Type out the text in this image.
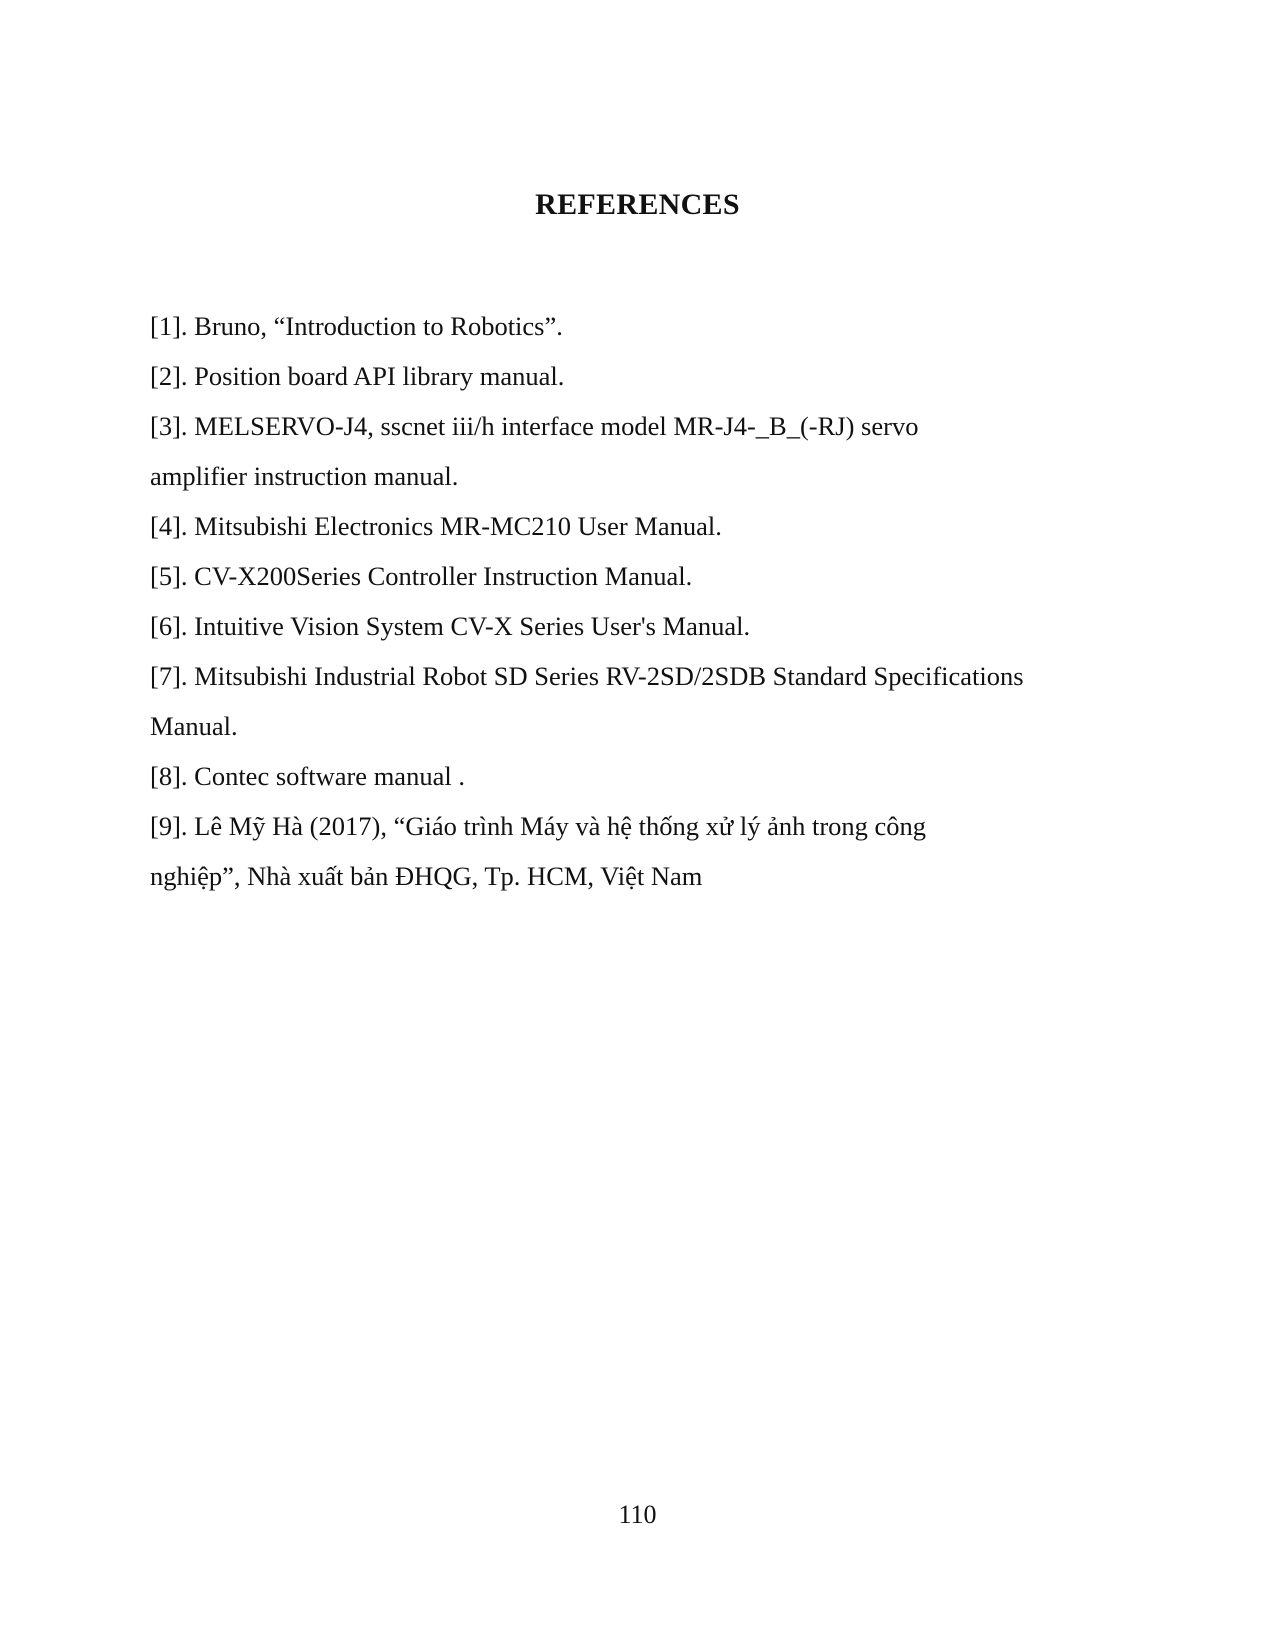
REFERENCES
[1]. Bruno, “Introduction to Robotics”.
[2]. Position board API library manual.
[3]. MELSERVO-J4, sscnet iii/h interface model MR-J4-_B_(-RJ) servo
amplifier instruction manual.
[4]. Mitsubishi Electronics MR-MC210 User Manual.
[5]. CV-X200Series Controller Instruction Manual.
[6]. Intuitive Vision System CV-X Series User's Manual.
[7]. Mitsubishi Industrial Robot SD Series RV-2SD/2SDB Standard Specifications
Manual.
[8]. Contec software manual .
[9]. Lê Mỹ Hà (2017), “Giáo trình Máy và hệ thống xử lý ảnh trong công
nghiệp”, Nhà xuất bản ĐHQG, Tp. HCM, Việt Nam
110
